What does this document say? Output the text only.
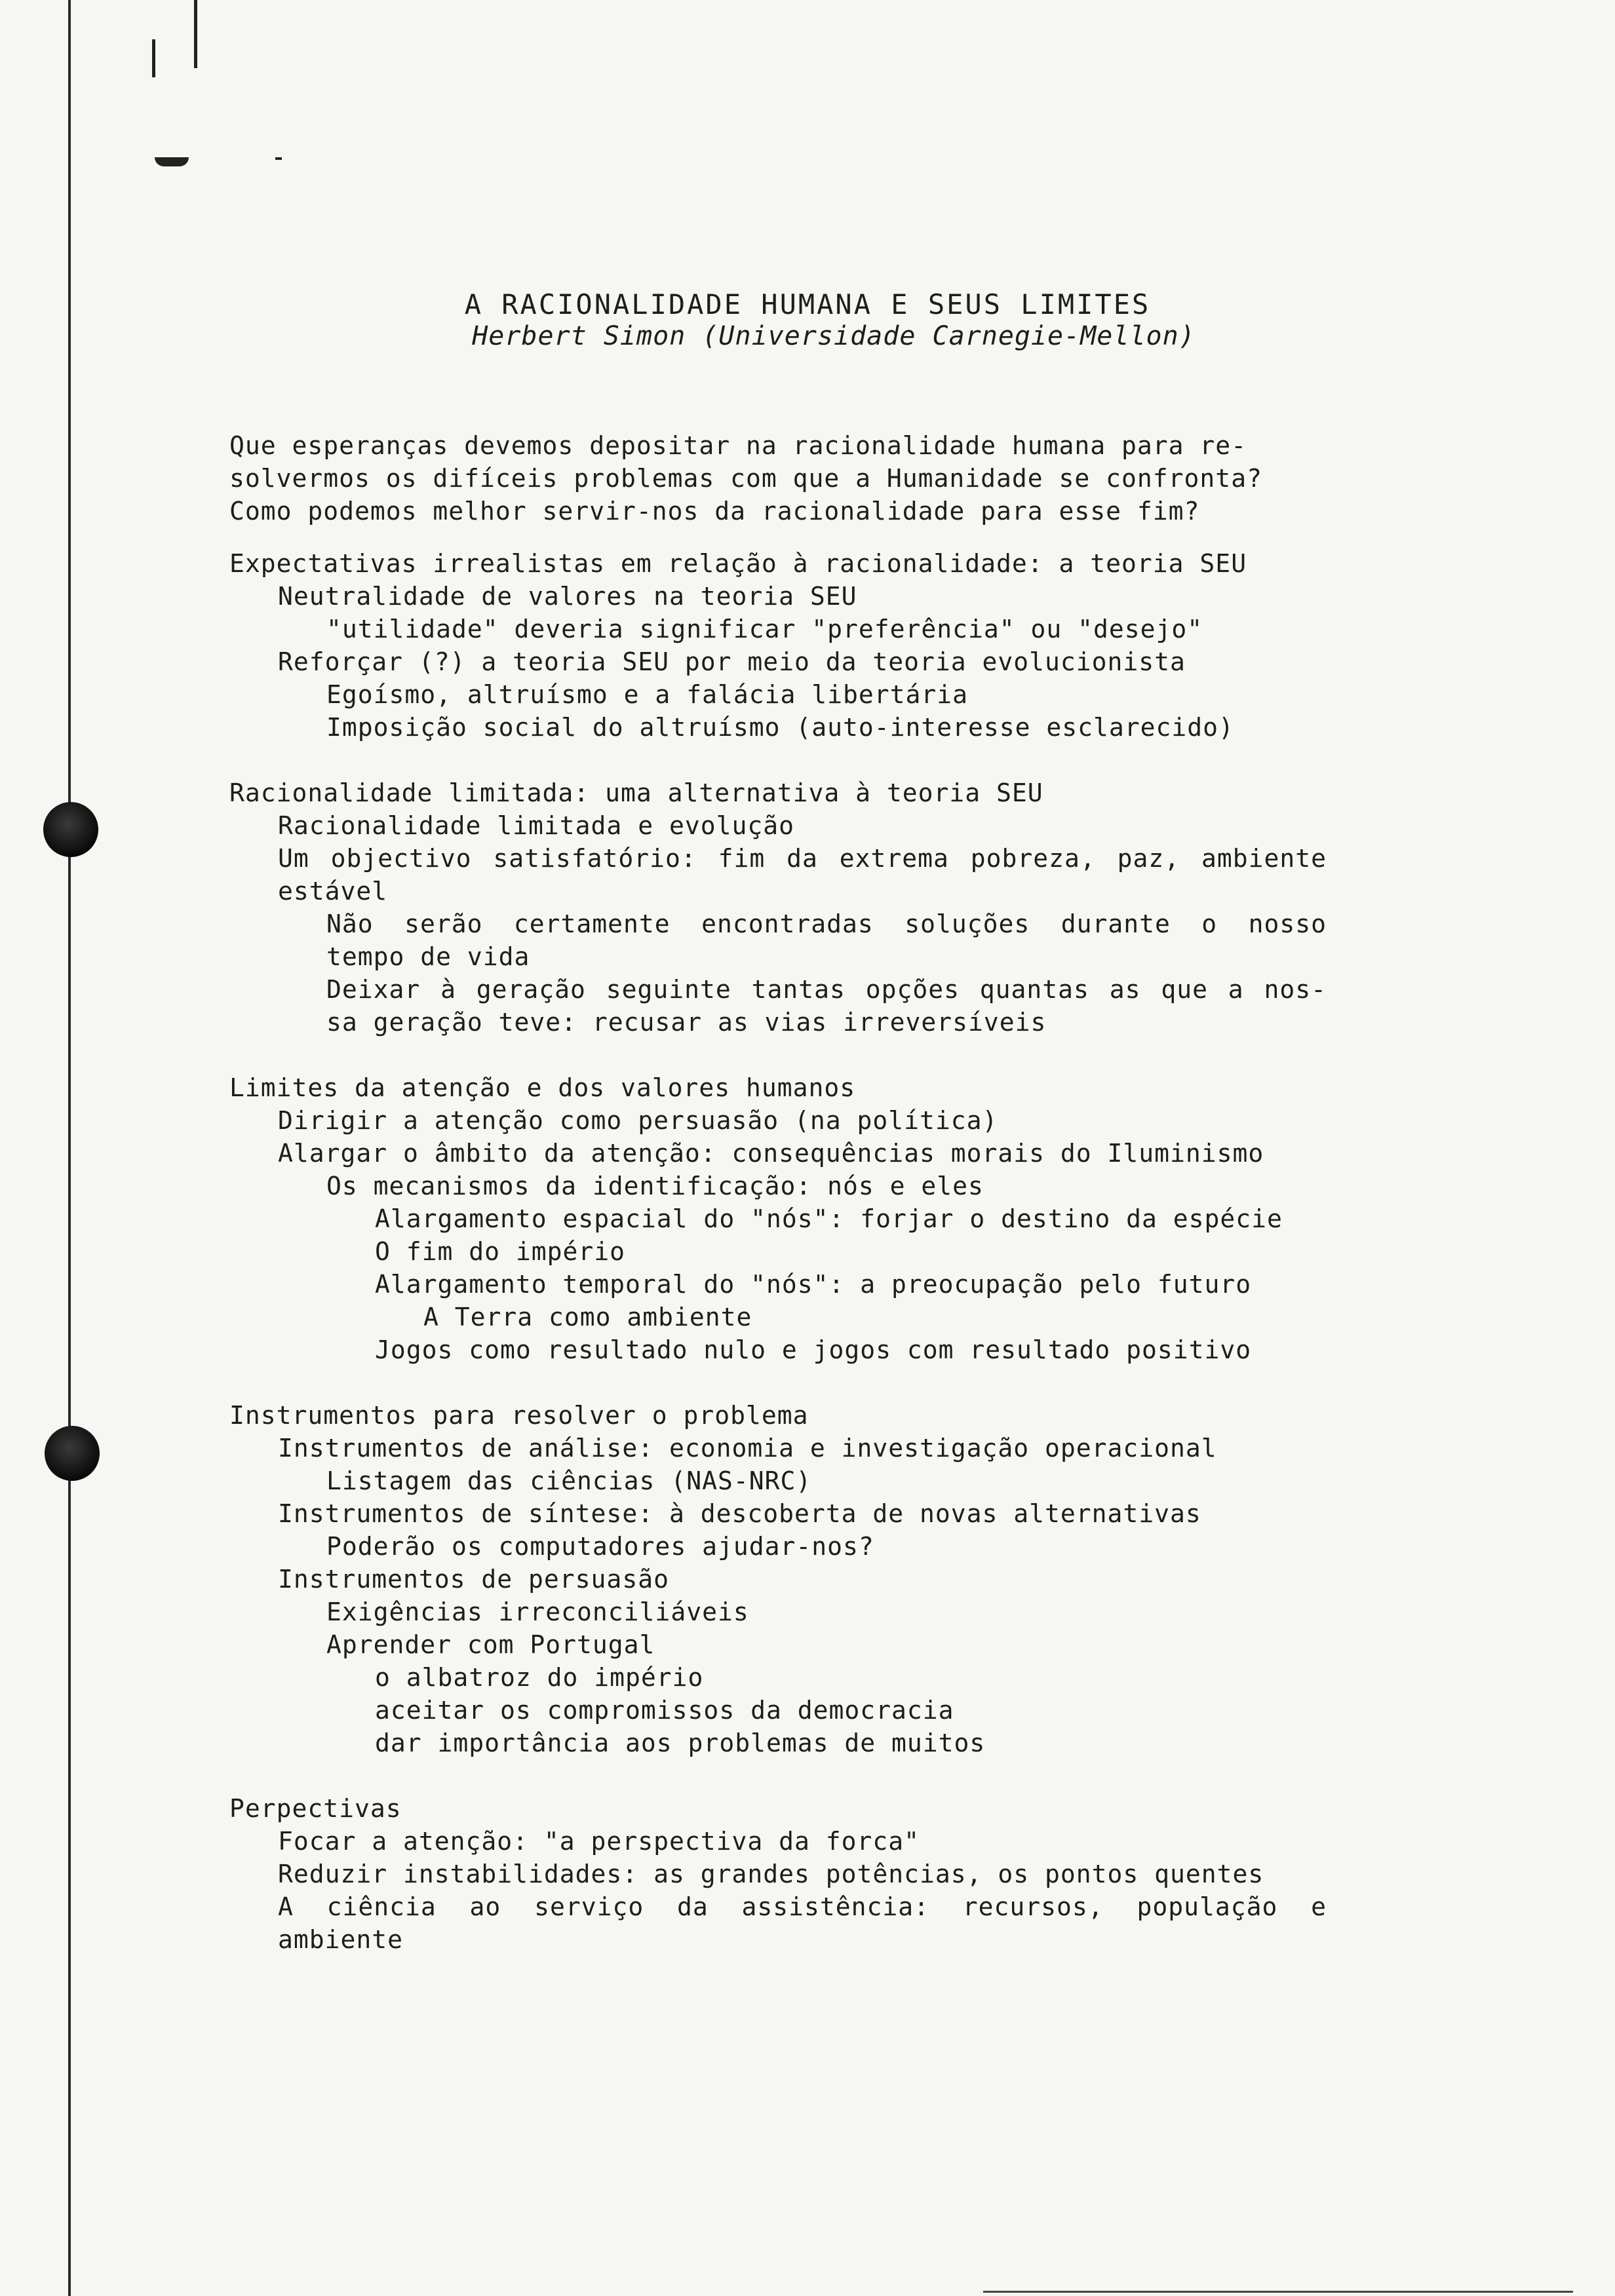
A RACIONALIDADE HUMANA E SEUS LIMITES
Herbert Simon (Universidade Carnegie-Mellon)
Que esperanças devemos depositar na racionalidade humana para re-
solvermos os difíceis problemas com que a Humanidade se confronta?
Como podemos melhor servir-nos da racionalidade para esse fim?
Expectativas irrealistas em relação à racionalidade: a teoria SEU
Neutralidade de valores na teoria SEU
"utilidade" deveria significar "preferência" ou "desejo"
Reforçar (?) a teoria SEU por meio da teoria evolucionista
Egoísmo, altruísmo e a falácia libertária
Imposição social do altruísmo (auto-interesse esclarecido)
Racionalidade limitada: uma alternativa à teoria SEU
Racionalidade limitada e evolução
Um objectivo satisfatório: fim da extrema pobreza, paz, ambiente
estável
Não serão certamente encontradas soluções durante o nosso
tempo de vida
Deixar à geração seguinte tantas opções quantas as que a nos-
sa geração teve: recusar as vias irreversíveis
Limites da atenção e dos valores humanos
Dirigir a atenção como persuasão (na política)
Alargar o âmbito da atenção: consequências morais do Iluminismo
Os mecanismos da identificação: nós e eles
Alargamento espacial do "nós": forjar o destino da espécie
O fim do império
Alargamento temporal do "nós": a preocupação pelo futuro
A Terra como ambiente
Jogos como resultado nulo e jogos com resultado positivo
Instrumentos para resolver o problema
Instrumentos de análise: economia e investigação operacional
Listagem das ciências (NAS-NRC)
Instrumentos de síntese: à descoberta de novas alternativas
Poderão os computadores ajudar-nos?
Instrumentos de persuasão
Exigências irreconciliáveis
Aprender com Portugal
o albatroz do império
aceitar os compromissos da democracia
dar importância aos problemas de muitos
Perpectivas
Focar a atenção: "a perspectiva da forca"
Reduzir instabilidades: as grandes potências, os pontos quentes
A ciência ao serviço da assistência: recursos, população e
ambiente
